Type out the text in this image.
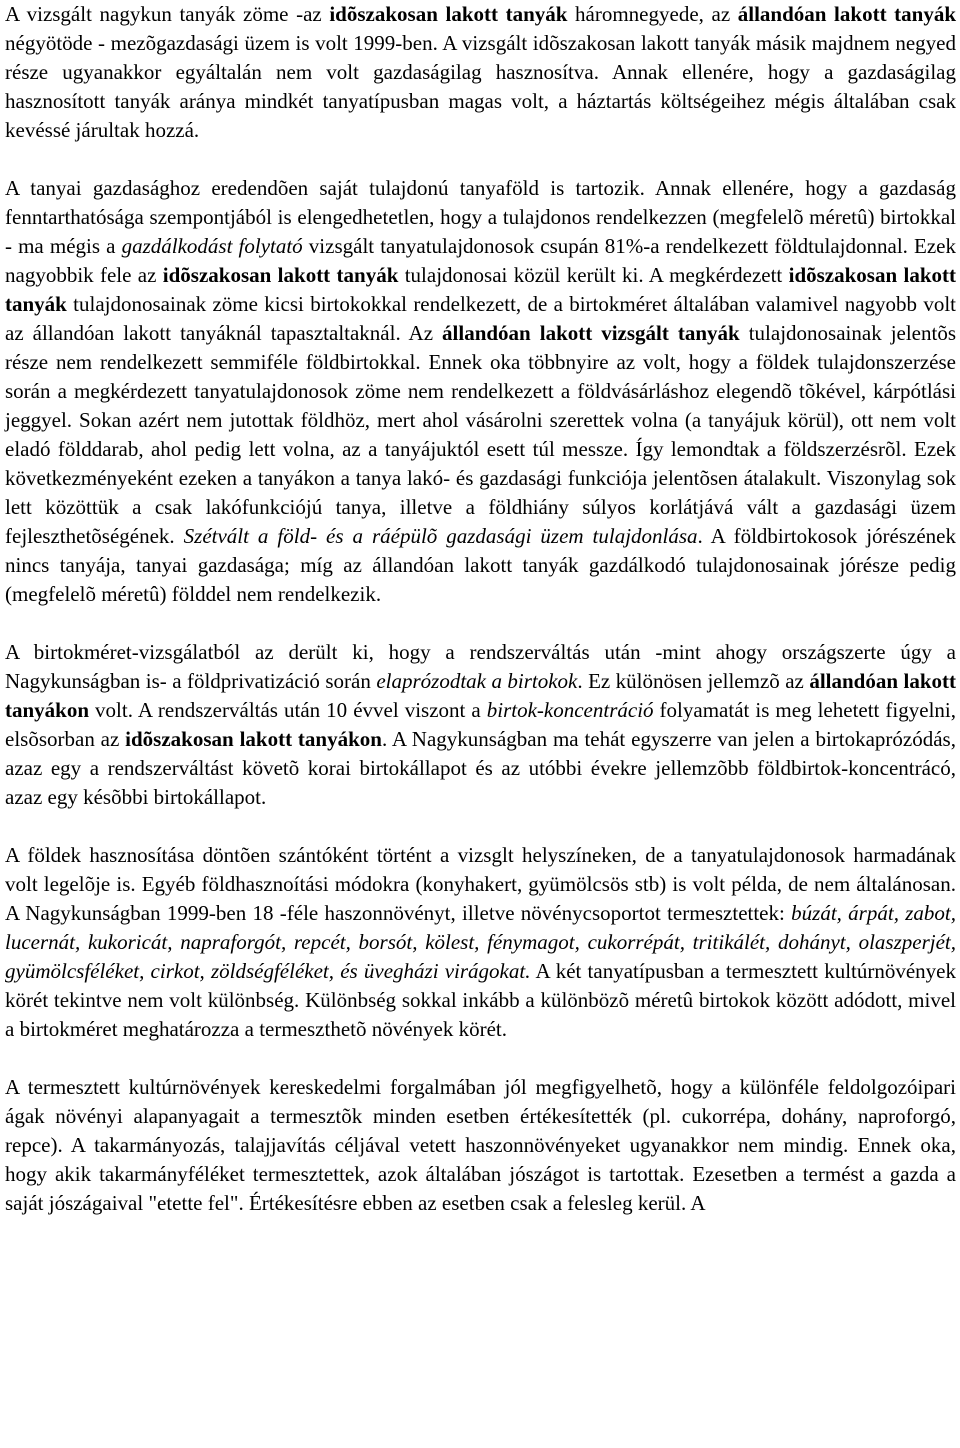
A vizsgált nagykun tanyák zöme -az idõszakosan lakott tanyák háromnegyede, az állandóan lakott tanyák négyötöde - mezõgazdasági üzem is volt 1999-ben. A vizsgált idõszakosan lakott tanyák másik majdnem negyed része ugyanakkor egyáltalán nem volt gazdaságilag hasznosítva. Annak ellenére, hogy a gazdaságilag hasznosított tanyák aránya mindkét tanyatípusban magas volt, a háztartás költségeihez mégis általában csak kevéssé járultak hozzá.

A tanyai gazdasághoz eredendõen saját tulajdonú tanyaföld is tartozik. Annak ellenére, hogy a gazdaság fenntarthatósága szempontjából is elengedhetetlen, hogy a tulajdonos rendelkezzen (megfelelõ méretû) birtokkal - ma mégis a gazdálkodást folytató vizsgált tanyatulajdonosok csupán 81%-a rendelkezett földtulajdonnal. Ezek nagyobbik fele az idõszakosan lakott tanyák tulajdonosai közül került ki. A megkérdezett idõszakosan lakott tanyák tulajdonosainak zöme kicsi birtokokkal rendelkezett, de a birtokméret általában valamivel nagyobb volt az állandóan lakott tanyáknál tapasztaltaknál. Az állandóan lakott vizsgált tanyák tulajdonosainak jelentõs része nem rendelkezett semmiféle földbirtokkal. Ennek oka többnyire az volt, hogy a földek tulajdonszerzése során a megkérdezett tanyatulajdonosok zöme nem rendelkezett a földvásárláshoz elegendõ tõkével, kárpótlási jeggyel. Sokan azért nem jutottak földhöz, mert ahol vásárolni szerettek volna (a tanyájuk körül), ott nem volt eladó földdarab, ahol pedig lett volna, az a tanyájuktól esett túl messze. Így lemondtak a földszerzésrõl. Ezek következményeként ezeken a tanyákon a tanya lakó- és gazdasági funkciója jelentõsen átalakult. Viszonylag sok lett közöttük a csak lakófunkciójú tanya, illetve a földhiány súlyos korlátjává vált a gazdasági üzem fejleszthetõségének. Szétvált a föld- és a ráépülõ gazdasági üzem tulajdonlása. A földbirtokosok jórészének nincs tanyája, tanyai gazdasága; míg az állandóan lakott tanyák gazdálkodó tulajdonosainak jórésze pedig (megfelelõ méretû) földdel nem rendelkezik.

A birtokméret-vizsgálatból az derült ki, hogy a rendszerváltás után -mint ahogy országszerte úgy a Nagykunságban is- a földprivatizáció során elaprózodtak a birtokok. Ez különösen jellemzõ az állandóan lakott tanyákon volt. A rendszerváltás után 10 évvel viszont a birtok-koncentráció folyamatát is meg lehetett figyelni, elsõsorban az idõszakosan lakott tanyákon. A Nagykunságban ma tehát egyszerre van jelen a birtokaprózódás, azaz egy a rendszerváltást követõ korai birtokállapot és az utóbbi évekre jellemzõbb földbirtok-koncentrácó, azaz egy késõbbi birtokállapot.

A földek hasznosítása döntõen szántóként történt a vizsglt helyszíneken, de a tanyatulajdonosok harmadának volt legelõje is. Egyéb földhasznoítási módokra (konyhakert, gyümölcsös stb) is volt példa, de nem általánosan. A Nagykunságban 1999-ben 18 -féle haszonnövényt, illetve növénycsoportot termesztettek: búzát, árpát, zabot, lucernát, kukoricát, napraforgót, repcét, borsót, kölest, fénymagot, cukorrépát, tritikálét, dohányt, olaszperjét, gyümölcsféléket, cirkot, zöldségféléket, és üvegházi virágokat. A két tanyatípusban a termesztett kultúrnövények körét tekintve nem volt különbség. Különbség sokkal inkább a különbözõ méretû birtokok között adódott, mivel a birtokméret meghatározza a termeszthetõ növények körét.

A termesztett kultúrnövények kereskedelmi forgalmában jól megfigyelhetõ, hogy a különféle feldolgozóipari ágak növényi alapanyagait a termesztõk minden esetben értékesítették (pl. cukorrépa, dohány, naproforgó, repce). A takarmányozás, talajjavítás céljával vetett haszonnövényeket ugyanakkor nem mindig. Ennek oka, hogy akik takarmányféléket termesztettek, azok általában jószágot is tartottak. Ezesetben a termést a gazda a saját jószágaival "etette fel". Értékesítésre ebben az esetben csak a felesleg kerül. A
